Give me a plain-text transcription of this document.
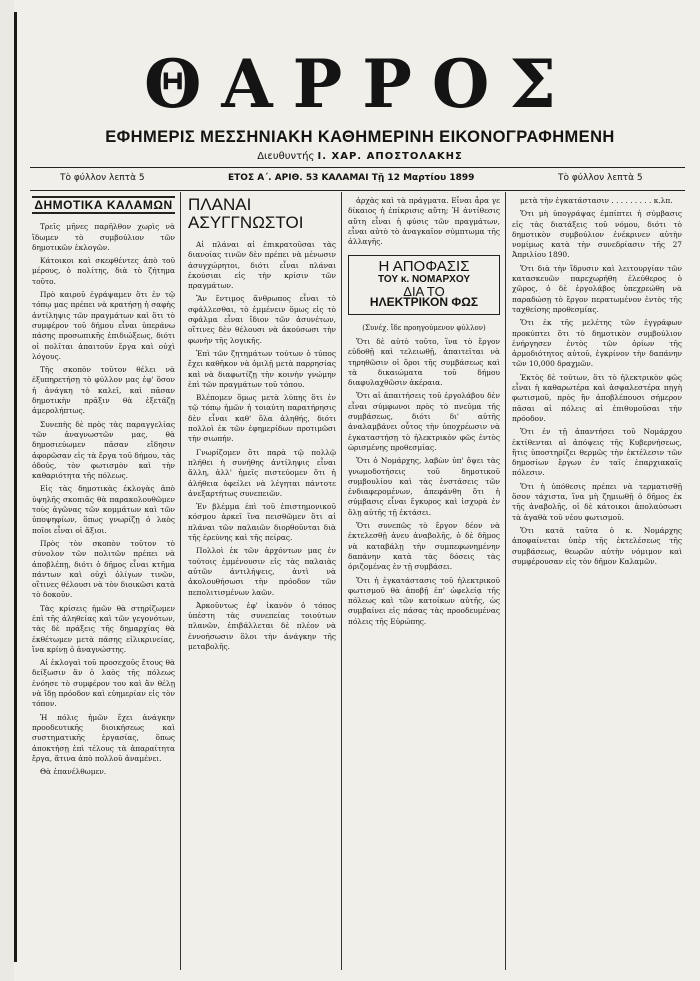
ΘΑΡΡΟΣ
ΕΦΗΜΕΡΙΣ ΜΕΣΣΗΝΙΑΚΗ ΚΑΘΗΜΕΡΙΝΗ ΕΙΚΟΝΟΓΡΑΦΗΜΕΝΗ
Διευθυντής Ι. ΧΑΡ. ΑΠΟΣΤΟΛΑΚΗΣ
Τὸ φύλλον λεπτὰ 5	ΕΤΟΣ Α΄. ΑΡΙΘ. 53 ΚΑΛΑΜΑΙ Τῇ 12 Μαρτίου 1899	Τὸ φύλλον λεπτὰ 5
ΔΗΜΟΤΙΚΑ ΚΑΛΑΜΩΝ

Τρεῖς μῆνες παρῆλθον χωρὶς νὰ ἴδωμεν τὸ συμβούλιον τῶν δημοτικῶν ἐκλογῶν.

Κάτοικοι καὶ σκεφθέντες ἀπὸ τοῦ μέρους, ὁ πολίτης, διὰ τὸ ζήτημα τοῦτο.

Πρὸ καιροῦ ἐγράψαμεν ὅτι ἐν τῷ τόπῳ μας πρέπει νὰ κρατήσῃ ἡ σαφὴς ἀντίληψις τῶν πραγμάτων καὶ ὅτι τὸ συμφέρον τοῦ δήμου εἶναι ὑπεράνω πάσης προσωπικῆς ἐπιδιώξεως, διότι οἱ πολῖται ἀπαιτοῦν ἔργα καὶ οὐχὶ λόγους.

Τῆς σκοπὸν τοῦτον θέλει νὰ ἐξυπηρετήσῃ τὸ φύλλον μας ἐφ' ὅσον ἡ ἀνάγκη τὸ καλεῖ, καὶ πᾶσαν δημοτικὴν πρᾶξιν θὰ ἐξετάζῃ ἀμερολήπτως.

Συνεπὴς δὲ πρὸς τὰς παραγγελίας τῶν ἀναγνωστῶν μας, θὰ δημοσιεύωμεν πᾶσαν εἴδησιν ἀφορῶσαν εἰς τὰ ἔργα τοῦ δήμου, τὰς ὁδούς, τὸν φωτισμὸν καὶ τὴν καθαριότητα τῆς πόλεως.

Εἰς τὰς δημοτικὰς ἐκλογὰς ἀπὸ ὑψηλῆς σκοπιᾶς θὰ παρακολουθῶμεν τοὺς ἀγῶνας τῶν κομμάτων καὶ τῶν ὑποψηφίων, ὅπως γνωρίζῃ ὁ λαὸς ποῖοι εἶναι οἱ ἄξιοι.

Πρὸς τὸν σκοπὸν τοῦτον τὸ σύνολον τῶν πολιτῶν πρέπει νὰ ἀποβλέπῃ, διότι ὁ δῆμος εἶναι κτῆμα πάντων καὶ οὐχὶ ὀλίγων τινῶν, οἵτινες θέλουσι νὰ τὸν διοικῶσι κατὰ τὸ δοκοῦν.

Τὰς κρίσεις ἡμῶν θὰ στηρίζωμεν ἐπὶ τῆς ἀληθείας καὶ τῶν γεγονότων, τὰς δὲ πράξεις τῆς δημαρχίας θὰ ἐκθέτωμεν μετὰ πάσης εἰλικρινείας, ἵνα κρίνῃ ὁ ἀναγνώστης.

Αἱ ἐκλογαὶ τοῦ προσεχοῦς ἔτους θὰ δείξωσιν ἂν ὁ λαὸς τῆς πόλεως ἐνόησε τὸ συμφέρον του καὶ ἂν θέλῃ νὰ ἴδῃ πρόοδον καὶ εὐημερίαν εἰς τὸν τόπον.

Ἡ πόλις ἡμῶν ἔχει ἀνάγκην προοδευτικῆς διοικήσεως καὶ συστηματικῆς ἐργασίας, ὅπως ἀποκτήσῃ ἐπὶ τέλους τὰ ἀπαραίτητα ἔργα, ἅτινα ἀπὸ πολλοῦ ἀναμένει.

Θὰ ἐπανέλθωμεν.

ΠΛΑΝΑΙ ΑΣΥΓΓΝΩΣΤΟΙ

Αἱ πλάναι αἱ ἐπικρατοῦσαι τὰς διανοίας τινῶν δὲν πρέπει νὰ μένωσιν ἀσυγχώρητοι, διότι εἶναι πλάναι ἐκούσιαι εἰς τὴν κρίσιν τῶν πραγμάτων.

Ἂν ἔντιμος ἄνθρωπος εἶναι τὸ σφάλλεσθαι, τὸ ἐμμένειν ὅμως εἰς τὸ σφάλμα εἶναι ἴδιον τῶν ἀσυνέτων, οἵτινες δὲν θέλουσι νὰ ἀκούσωσι τὴν φωνὴν τῆς λογικῆς.

Ἐπὶ τῶν ζητημάτων τούτων ὁ τύπος ἔχει καθῆκον νὰ ὁμιλῇ μετὰ παρρησίας καὶ νὰ διαφωτίζῃ τὴν κοινὴν γνώμην ἐπὶ τῶν πραγμάτων τοῦ τόπου.

Βλέπομεν ὅμως μετὰ λύπης ὅτι ἐν τῷ τόπῳ ἡμῶν ἡ τοιαύτη παρατήρησις δὲν εἶναι καθ' ὅλα ἀληθής, διότι πολλοὶ ἐκ τῶν ἐφημερίδων προτιμῶσι τὴν σιωπήν.

Γνωρίζομεν ὅτι παρὰ τῷ πολλῷ πλήθει ἡ συνήθης ἀντίληψις εἶναι ἄλλη, ἀλλ' ἡμεῖς πιστεύομεν ὅτι ἡ ἀλήθεια ὀφείλει νὰ λέγηται πάντοτε ἀνεξαρτήτως συνεπειῶν.

Ἐν βλέμμα ἐπὶ τοῦ ἐπιστημονικοῦ κόσμου ἀρκεῖ ἵνα πεισθῶμεν ὅτι αἱ πλάναι τῶν παλαιῶν διορθοῦνται διὰ τῆς ἐρεύνης καὶ τῆς πείρας.

Πολλοὶ ἐκ τῶν ἀρχόντων μας ἐν τούτοις ἐμμένουσιν εἰς τὰς παλαιὰς αὐτῶν ἀντιλήψεις, ἀντὶ νὰ ἀκολουθήσωσι τὴν πρόοδον τῶν πεπολιτισμένων λαῶν.

Ἀρκοῦντως ἐφ' ἱκανὸν ὁ τόπος ὑπέστη τὰς συνεπείας τοιούτων πλανῶν, ἐπιβάλλεται δὲ πλέον νὰ ἐννοήσωσιν ὅλοι τὴν ἀνάγκην τῆς μεταβολῆς.

ἀρχὰς καὶ τὰ πράγματα. Εἶναι ἆρα γε δίκαιος ἡ ἐπίκρισις αὕτη; Ἡ ἀντίθεσις αὕτη εἶναι ἡ φύσις τῶν πραγμάτων, εἶναι αὐτὸ τὸ ἀναγκαῖον σύμπτωμα τῆς ἀλλαγῆς.

Η ΑΠΟΦΑΣΙΣ
ΤΟΥ κ. ΝΟΜΑΡΧΟΥ
ΔΙΑ ΤΟ
ΗΛΕΚΤΡΙΚΟΝ ΦΩΣ
(Συνέχ. ἴδε προηγούμενον φύλλον)

Ὅτι δὲ αὐτὸ τοῦτο, ἵνα τὸ ἔργον εὐδοθῇ καὶ τελειωθῇ, ἀπαιτεῖται νὰ τηρηθῶσιν οἱ ὅροι τῆς συμβάσεως καὶ τὰ δικαιώματα τοῦ δήμου διαφυλαχθῶσιν ἀκέραια.

Ὅτι αἱ ἀπαιτήσεις τοῦ ἐργολάβου δὲν εἶναι σύμφωνοι πρὸς τὸ πνεῦμα τῆς συμβάσεως, διότι δι' αὐτῆς ἀναλαμβάνει οὗτος τὴν ὑποχρέωσιν νὰ ἐγκαταστήσῃ τὸ ἠλεκτρικὸν φῶς ἐντὸς ὡρισμένης προθεσμίας.

Ὅτι ὁ Νομάρχης, λαβὼν ὑπ' ὄψει τὰς γνωμοδοτήσεις τοῦ δημοτικοῦ συμβουλίου καὶ τὰς ἐνστάσεις τῶν ἐνδιαφερομένων, ἀπεφάνθη ὅτι ἡ σύμβασις εἶναι ἔγκυρος καὶ ἰσχυρὰ ἐν ὅλῃ αὐτῆς τῇ ἐκτάσει.

Ὅτι συνεπῶς τὸ ἔργον δέον νὰ ἐκτελεσθῇ ἀνευ ἀναβολῆς, ὁ δὲ δῆμος νὰ καταβάλῃ τὴν συμπεφωνημένην δαπάνην κατὰ τὰς δόσεις τὰς ὁριζομένας ἐν τῇ συμβάσει.

Ὅτι ἡ ἐγκατάστασις τοῦ ἠλεκτρικοῦ φωτισμοῦ θὰ ἀποβῇ ἐπ' ὠφελείᾳ τῆς πόλεως καὶ τῶν κατοίκων αὐτῆς, ὡς συμβαίνει εἰς πάσας τὰς προοδευμένας πόλεις τῆς Εὐρώπης.

μετὰ τὴν ἐγκατάστασιν . . . . . . . . . κ.λπ.

Ὅτι μὴ ὑπογράψας ἐμπίπτει ἡ σύμβασις εἰς τὰς διατάξεις τοῦ νόμου, διότι τὸ δημοτικὸν συμβούλιον ἐνέκρινεν αὐτὴν νομίμως κατὰ τὴν συνεδρίασιν τῆς 27 Ἀπριλίου 1890.

Ὅτι διὰ τὴν ἴδρυσιν καὶ λειτουργίαν τῶν κατασκευῶν παρεχωρήθη ἐλεύθερος ὁ χῶρος, ὁ δὲ ἐργολάβος ὑπεχρεώθη νὰ παραδώσῃ τὸ ἔργον περατωμένον ἐντὸς τῆς ταχθείσης προθεσμίας.

Ὅτι ἐκ τῆς μελέτης τῶν ἐγγράφων προκύπτει ὅτι τὸ δημοτικὸν συμβούλιον ἐνήργησεν ἐντὸς τῶν ὁρίων τῆς ἁρμοδιότητος αὐτοῦ, ἐγκρίνον τὴν δαπάνην τῶν 10,000 δραχμῶν.

Ἐκτὸς δὲ τούτων, ὅτι τὸ ἠλεκτρικὸν φῶς εἶναι ἡ καθαρωτέρα καὶ ἀσφαλεστέρα πηγὴ φωτισμοῦ, πρὸς ἣν ἀποβλέπουσι σήμερον πᾶσαι αἱ πόλεις αἱ ἐπιθυμοῦσαι τὴν πρόοδον.

Ὅτι ἐν τῇ ἀπαντήσει τοῦ Νομάρχου ἐκτίθενται αἱ ἀπόψεις τῆς Κυβερνήσεως, ἥτις ὑποστηρίζει θερμῶς τὴν ἐκτέλεσιν τῶν δημοσίων ἔργων ἐν ταῖς ἐπαρχιακαῖς πόλεσιν.

Ὅτι ἡ ὑπόθεσις πρέπει νὰ τερματισθῇ ὅσον τάχιστα, ἵνα μὴ ζημιωθῇ ὁ δῆμος ἐκ τῆς ἀναβολῆς, οἱ δὲ κάτοικοι ἀπολαύσωσι τὰ ἀγαθὰ τοῦ νέου φωτισμοῦ.

Ὅτι κατὰ ταῦτα ὁ κ. Νομάρχης ἀποφαίνεται ὑπὲρ τῆς ἐκτελέσεως τῆς συμβάσεως, θεωρῶν αὐτὴν νόμιμον καὶ συμφέρουσαν εἰς τὸν δῆμον Καλαμῶν.
